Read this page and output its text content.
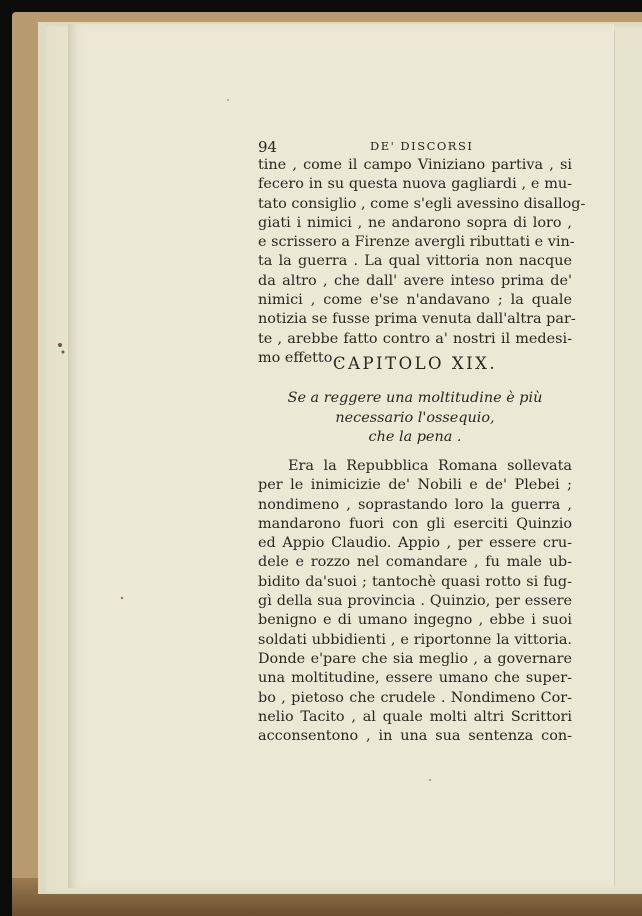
94	DE' DISCORSI
tine , come il campo Viniziano partiva , si
fecero in su questa nuova gagliardi , e mu-
tato consiglio , come s'egli avessino disallog-
giati i nimici , ne andarono sopra di loro ,
e scrissero a Firenze avergli ributtati e vin-
ta la guerra . La qual vittoria non nacque
da altro , che dall' avere inteso prima de'
nimici , come e'se n'andavano ; la quale
notizia se fusse prima venuta dall'altra par-
te , arebbe fatto contro a' nostri il medesi-
mo effetto .
CAPITOLO XIX.
Se a reggere una moltitudine è più
necessario l'ossequio,
che la pena .
Era la Repubblica Romana sollevata
per le inimicizie de' Nobili e de' Plebei ;
nondimeno , soprastando loro la guerra ,
mandarono fuori con gli eserciti Quinzio
ed Appio Claudio. Appio , per essere cru-
dele e rozzo nel comandare , fu male ub-
bidito da'suoi ; tantochè quasi rotto si fug-
gì della sua provincia . Quinzio, per essere
benigno e di umano ingegno , ebbe i suoi
soldati ubbidienti , e riportonne la vittoria.
Donde e'pare che sia meglio , a governare
una moltitudine, essere umano che super-
bo , pietoso che crudele . Nondimeno Cor-
nelio Tacito , al quale molti altri Scrittori
acconsentono , in una sua sentenza con-
